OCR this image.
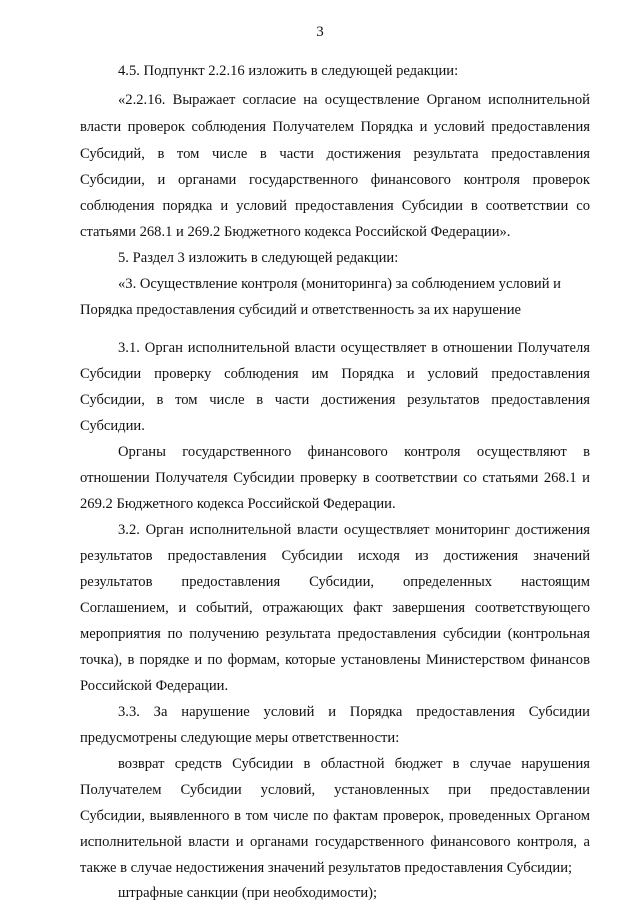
3
4.5. Подпункт 2.2.16 изложить в следующей редакции:
«2.2.16. Выражает согласие на осуществление Органом исполнительной
власти проверок соблюдения Получателем Порядка и условий предоставления
Субсидий, в том числе в части достижения результата предоставления
Субсидии, и органами государственного финансового контроля проверок
соблюдения порядка и условий предоставления Субсидии в соответствии со
статьями 268.1 и 269.2 Бюджетного кодекса Российской Федерации».
5. Раздел 3 изложить в следующей редакции:
«3. Осуществление контроля (мониторинга) за соблюдением условий и
Порядка предоставления субсидий и ответственность за их нарушение
3.1. Орган исполнительной власти осуществляет в отношении Получателя
Субсидии проверку соблюдения им Порядка и условий предоставления
Субсидии, в том числе в части достижения результатов предоставления
Субсидии.
Органы государственного финансового контроля осуществляют в
отношении Получателя Субсидии проверку в соответствии со статьями 268.1 и
269.2 Бюджетного кодекса Российской Федерации.
3.2. Орган исполнительной власти осуществляет мониторинг достижения
результатов предоставления Субсидии исходя из достижения значений
результатов предоставления Субсидии, определенных настоящим
Соглашением, и событий, отражающих факт завершения соответствующего
мероприятия по получению результата предоставления субсидии (контрольная
точка), в порядке и по формам, которые установлены Министерством финансов
Российской Федерации.
3.3. За нарушение условий и Порядка предоставления Субсидии
предусмотрены следующие меры ответственности:
возврат средств Субсидии в областной бюджет в случае нарушения
Получателем Субсидии условий, установленных при предоставлении
Субсидии, выявленного в том числе по фактам проверок, проведенных Органом
исполнительной власти и органами государственного финансового контроля, а
также в случае недостижения значений результатов предоставления Субсидии;
штрафные санкции (при необходимости);
